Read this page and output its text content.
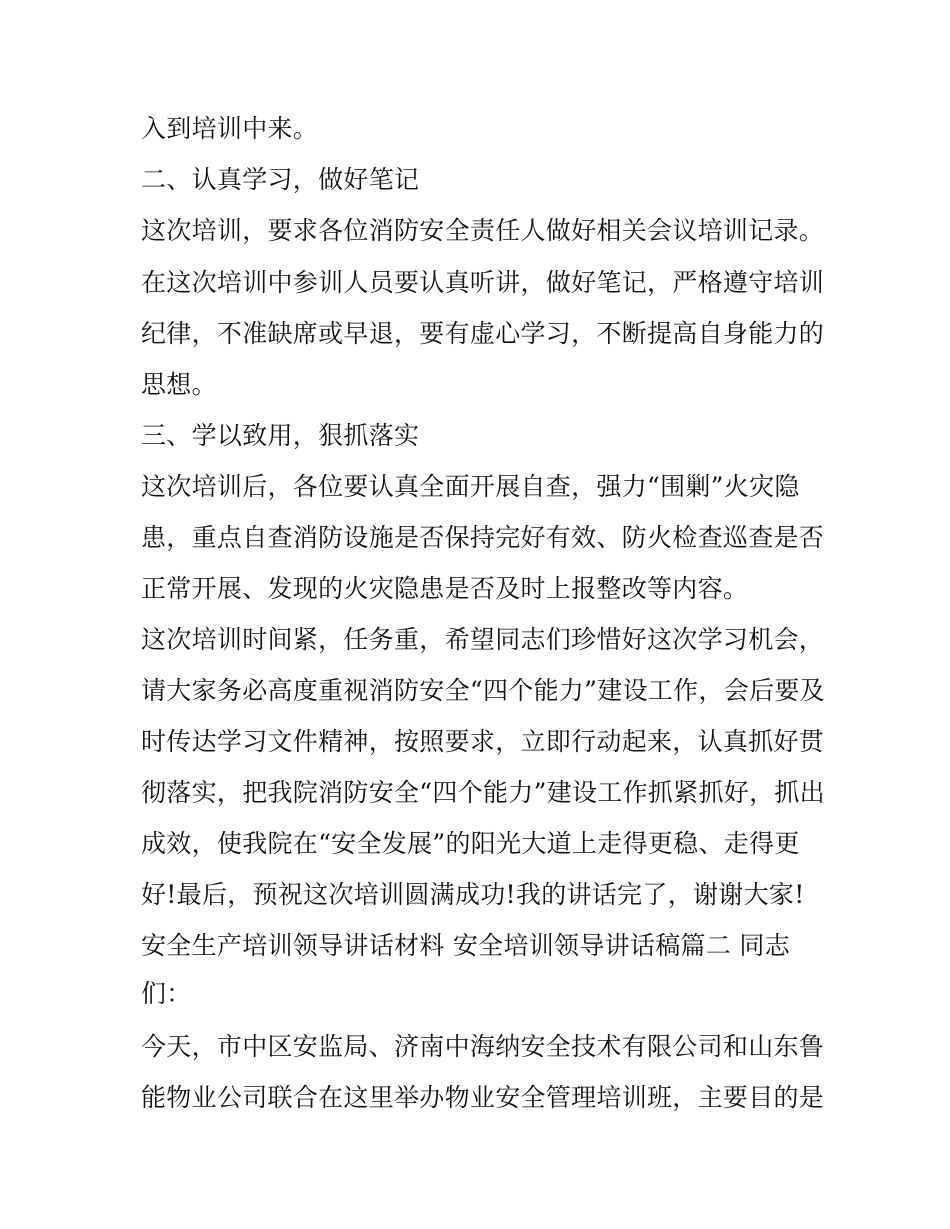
入到培训中来。
二、认真学习，做好笔记
这次培训，要求各位消防安全责任人做好相关会议培训记录。
在这次培训中参训人员要认真听讲，做好笔记，严格遵守培训
纪律，不准缺席或早退，要有虚心学习，不断提高自身能力的
思想。
三、学以致用，狠抓落实
这次培训后，各位要认真全面开展自查，强力“围剿”火灾隐
患，重点自查消防设施是否保持完好有效、防火检查巡查是否
正常开展、发现的火灾隐患是否及时上报整改等内容。
这次培训时间紧，任务重，希望同志们珍惜好这次学习机会，
请大家务必高度重视消防安全“四个能力”建设工作，会后要及
时传达学习文件精神，按照要求，立即行动起来，认真抓好贯
彻落实，把我院消防安全“四个能力”建设工作抓紧抓好，抓出
成效，使我院在“安全发展”的阳光大道上走得更稳、走得更
好!最后，预祝这次培训圆满成功!我的讲话完了，谢谢大家!
安全生产培训领导讲话材料 安全培训领导讲话稿篇二 同志
们：
今天，市中区安监局、济南中海纳安全技术有限公司和山东鲁
能物业公司联合在这里举办物业安全管理培训班，主要目的是
